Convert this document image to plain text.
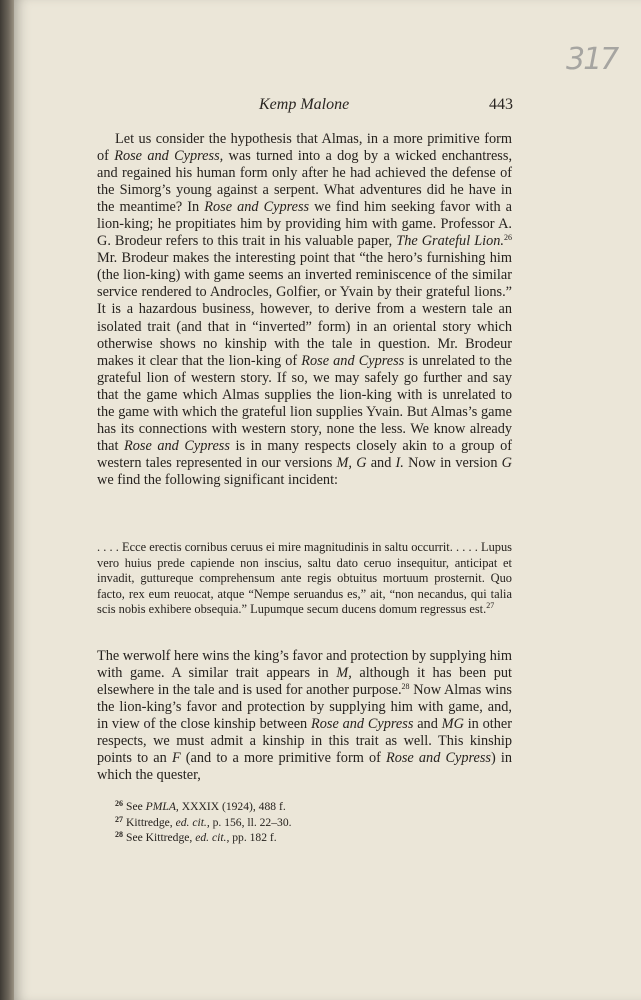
317
Kemp Malone	443

Let us consider the hypothesis that Almas, in a more primitive form of Rose and Cypress, was turned into a dog by a wicked enchantress, and regained his human form only after he had achieved the defense of the Simorg’s young against a serpent. What adventures did he have in the meantime? In Rose and Cypress we find him seeking favor with a lion-king; he propitiates him by providing him with game. Professor A. G. Brodeur refers to this trait in his valuable paper, The Grateful Lion.$^{26}$ Mr. Brodeur makes the interesting point that “the hero’s furnishing him (the lion-king) with game seems an inverted reminiscence of the similar service rendered to Androcles, Golfier, or Yvain by their grateful lions.” It is a hazardous business, however, to derive from a western tale an isolated trait (and that in “inverted” form) in an oriental story which otherwise shows no kinship with the tale in question. Mr. Brodeur makes it clear that the lion-king of Rose and Cypress is unrelated to the grateful lion of western story. If so, we may safely go further and say that the game which Almas supplies the lion-king with is unrelated to the game with which the grateful lion supplies Yvain. But Almas’s game has its connections with western story, none the less. We know already that Rose and Cypress is in many respects closely akin to a group of western tales represented in our versions M, G and I. Now in version G we find the following significant incident:

. . . . Ecce erectis cornibus ceruus ei mire magnitudinis in saltu occurrit. . . . . Lupus vero huius prede capiende non inscius, saltu dato ceruo insequitur, anticipat et invadit, guttureque comprehensum ante regis obtuitus mortuum prosternit. Quo facto, rex eum reuocat, atque “Nempe seruandus es,” ait, “non necandus, qui talia scis nobis exhibere obsequia.” Lupumque secum ducens domum regressus est.$^{27}$

The werwolf here wins the king’s favor and protection by supplying him with game. A similar trait appears in M, although it has been put elsewhere in the tale and is used for another purpose.$^{28}$ Now Almas wins the lion-king’s favor and protection by supplying him with game, and, in view of the close kinship between Rose and Cypress and MG in other respects, we must admit a kinship in this trait as well. This kinship points to an F (and to a more primitive form of Rose and Cypress) in which the quester,

$^{26}$ See PMLA, XXXIX (1924), 488 f.
$^{27}$ Kittredge, ed. cit., p. 156, ll. 22–30.
$^{28}$ See Kittredge, ed. cit., pp. 182 f.
